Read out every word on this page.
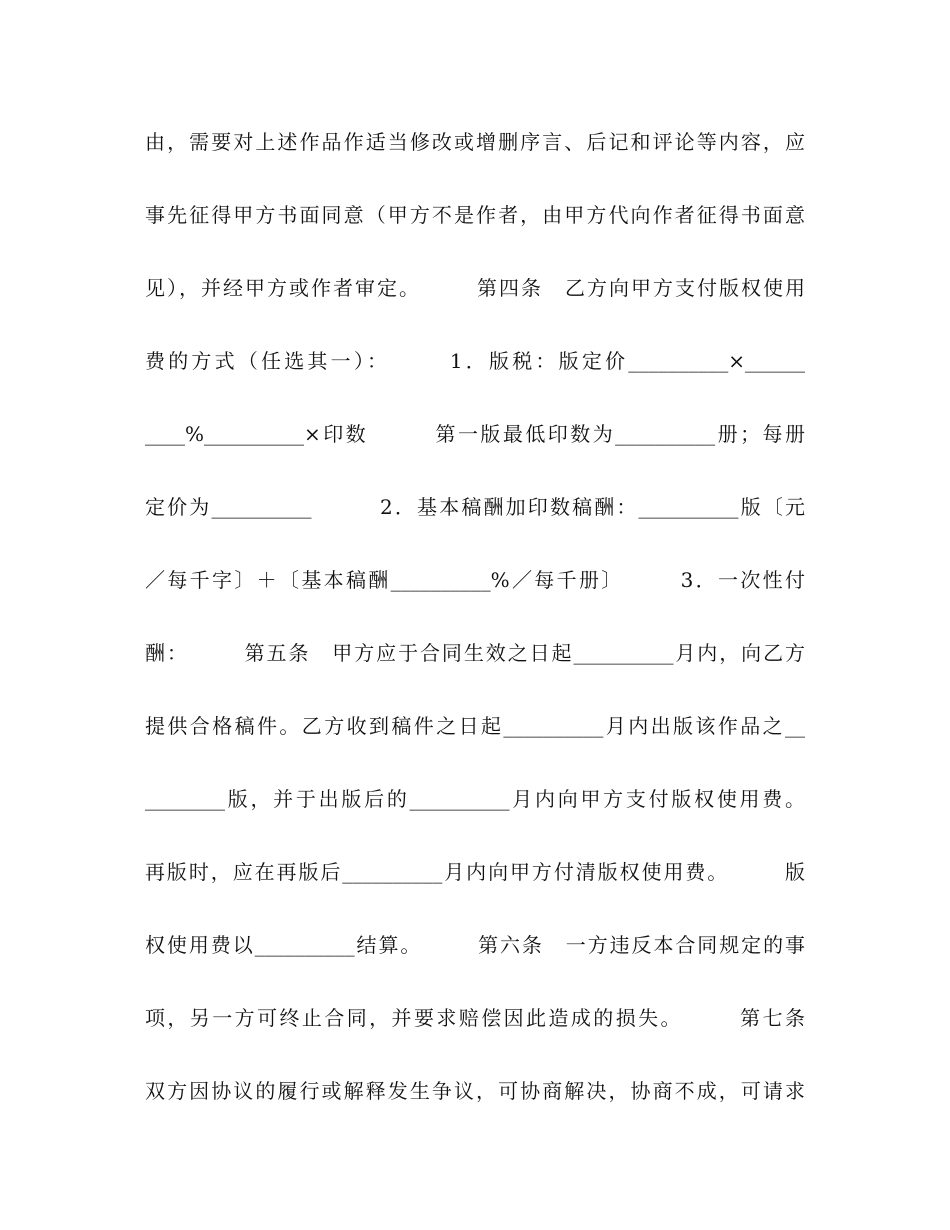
由，需要对上述作品作适当修改或增删序言、后记和评论等内容，应
事先征得甲方书面同意（甲方不是作者，由甲方代向作者征得书面意
见），并经甲方或作者审定。　　　第四条　乙方向甲方支付版权使用
费的方式（任选其一）：　　　1．版税：版定价__________×______
____%__________×印数　　　第一版最低印数为__________册；每册
定价为__________　　　2．基本稿酬加印数稿酬：__________版〔元
／每千字〕＋〔基本稿酬__________%／每千册〕　　　3．一次性付
酬：　　　第五条　甲方应于合同生效之日起__________月内，向乙方
提供合格稿件。乙方收到稿件之日起__________月内出版该作品之__
________版，并于出版后的__________月内向甲方支付版权使用费。
再版时，应在再版后__________月内向甲方付清版权使用费。　　　版
权使用费以__________结算。　　　第六条　一方违反本合同规定的事
项，另一方可终止合同，并要求赔偿因此造成的损失。　　　第七条
双方因协议的履行或解释发生争议，可协商解决，协商不成，可请求
